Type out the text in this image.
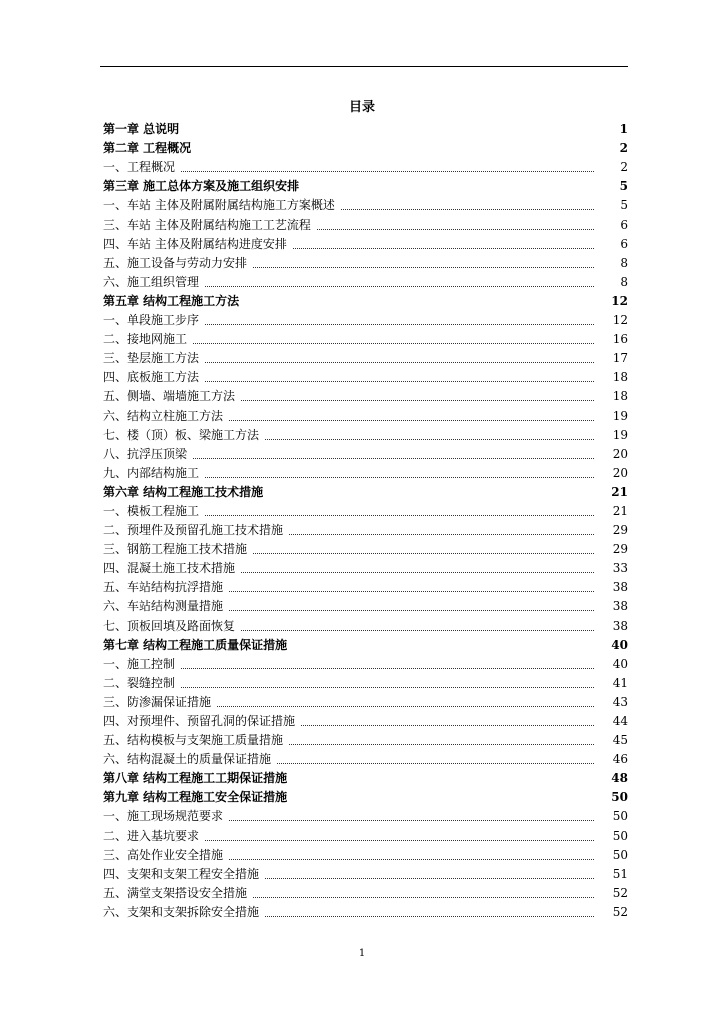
目录
第一章 总说明	1
第二章 工程概况	2
一、工程概况	2
第三章 施工总体方案及施工组织安排	5
一、车站 主体及附属附属结构施工方案概述	5
三、车站 主体及附属结构施工工艺流程	6
四、车站 主体及附属结构进度安排	6
五、施工设备与劳动力安排	8
六、施工组织管理	8
第五章 结构工程施工方法	12
一、单段施工步序	12
二、接地网施工	16
三、垫层施工方法	17
四、底板施工方法	18
五、侧墙、端墙施工方法	18
六、结构立柱施工方法	19
七、楼（顶）板、梁施工方法	19
八、抗浮压顶梁	20
九、内部结构施工	20
第六章 结构工程施工技术措施	21
一、模板工程施工	21
二、预埋件及预留孔施工技术措施	29
三、钢筋工程施工技术措施	29
四、混凝土施工技术措施	33
五、车站结构抗浮措施	38
六、车站结构测量措施	38
七、顶板回填及路面恢复	38
第七章 结构工程施工质量保证措施	40
一、施工控制	40
二、裂缝控制	41
三、防渗漏保证措施	43
四、对预埋件、预留孔洞的保证措施	44
五、结构模板与支架施工质量措施	45
六、结构混凝土的质量保证措施	46
第八章 结构工程施工工期保证措施	48
第九章 结构工程施工安全保证措施	50
一、施工现场规范要求	50
二、进入基坑要求	50
三、高处作业安全措施	50
四、支架和支架工程安全措施	51
五、满堂支架搭设安全措施	52
六、支架和支架拆除安全措施	52
1
